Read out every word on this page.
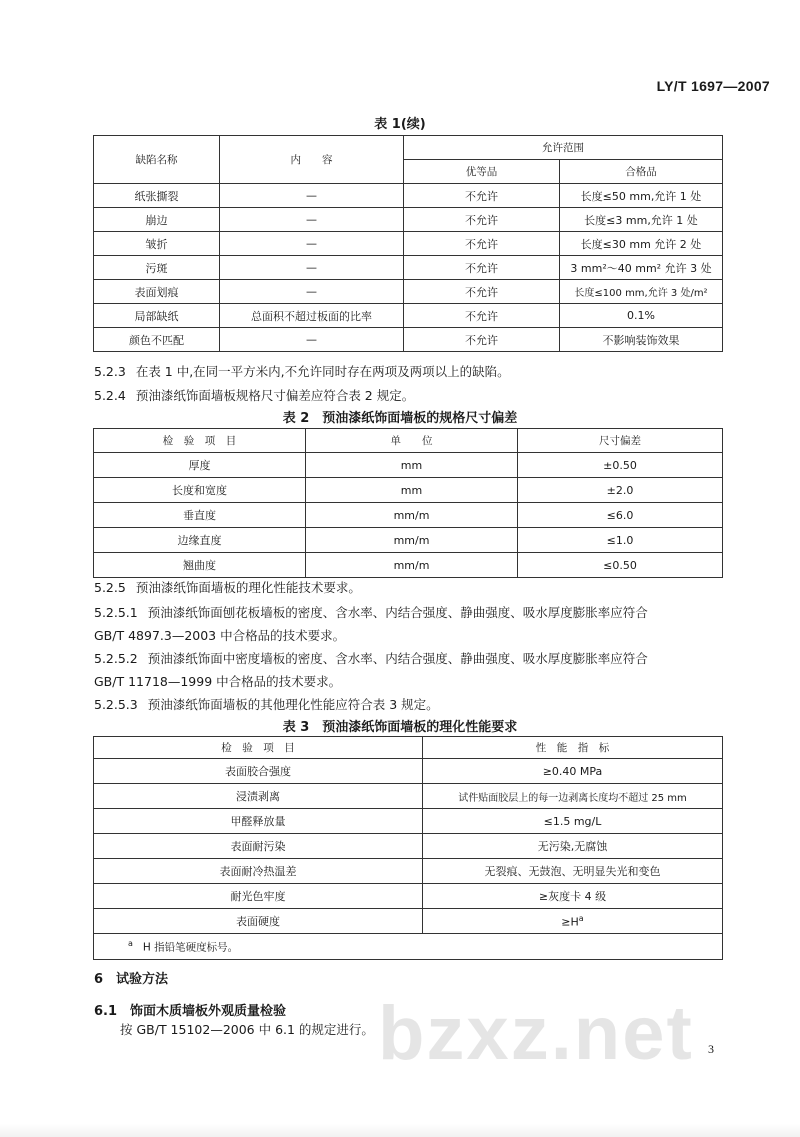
LY/T 1697—2007
表 1(续)
缺陷名称	内　　容	允许范围	
		优等品	合格品
纸张撕裂	—	不允许	长度≤50 mm,允许 1 处
崩边	—	不允许	长度≤3 mm,允许 1 处
皱折	—	不允许	长度≤30 mm 允许 2 处
污斑	—	不允许	3 mm²～40 mm² 允许 3 处
表面划痕	—	不允许	长度≤100 mm,允许 3 处/m²
局部缺纸	总面积不超过板面的比率	不允许	0.1%
颜色不匹配	—	不允许	不影响装饰效果
5.2.3 在表 1 中,在同一平方米内,不允许同时存在两项及两项以上的缺陷。
5.2.4 预油漆纸饰面墙板规格尺寸偏差应符合表 2 规定。
表 2　预油漆纸饰面墙板的规格尺寸偏差
检　验　项　目	单　　位	尺寸偏差
厚度	mm	±0.50
长度和宽度	mm	±2.0
垂直度	mm/m	≤6.0
边缘直度	mm/m	≤1.0
翘曲度	mm/m	≤0.50
5.2.5 预油漆纸饰面墙板的理化性能技术要求。
5.2.5.1 预油漆纸饰面刨花板墙板的密度、含水率、内结合强度、静曲强度、吸水厚度膨胀率应符合
GB/T 4897.3—2003 中合格品的技术要求。
5.2.5.2 预油漆纸饰面中密度墙板的密度、含水率、内结合强度、静曲强度、吸水厚度膨胀率应符合
GB/T 11718—1999 中合格品的技术要求。
5.2.5.3 预油漆纸饰面墙板的其他理化性能应符合表 3 规定。
表 3　预油漆纸饰面墙板的理化性能要求
检　验　项　目	性　能　指　标
表面胶合强度	≥0.40 MPa
浸渍剥离	试件贴面胶层上的每一边剥离长度均不超过 25 mm
甲醛释放量	≤1.5 mg/L
表面耐污染	无污染,无腐蚀
表面耐冷热温差	无裂痕、无鼓泡、无明显失光和变色
耐光色牢度	≥灰度卡 4 级
表面硬度	$\ge H^a$
$^a$ H 指铅笔硬度标号。	
6　试验方法
6.1　饰面木质墙板外观质量检验
按 GB/T 15102—2006 中 6.1 的规定进行。 bzxz.net 3
